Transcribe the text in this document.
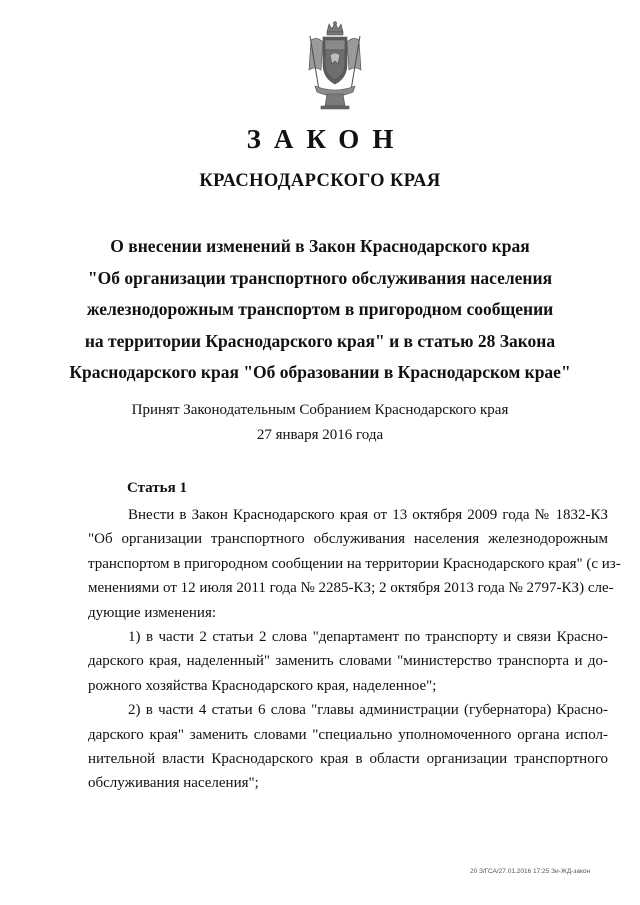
ЗАКОН
КРАСНОДАРСКОГО КРАЯ
О внесении изменений в Закон Краснодарского края
"Об организации транспортного обслуживания населения
железнодорожным транспортом в пригородном сообщении
на территории Краснодарского края" и в статью 28 Закона
Краснодарского края "Об образовании в Краснодарском крае"
Принят Законодательным Собранием Краснодарского края
27 января 2016 года
Статья 1
Внести в Закон Краснодарского края от 13 октября 2009 года № 1832-КЗ
"Об организации транспортного обслуживания населения железнодорожным
транспортом в пригородном сообщении на территории Краснодарского края" (с из-
менениями от 12 июля 2011 года № 2285-КЗ; 2 октября 2013 года № 2797-КЗ) сле-
дующие изменения:
1) в части 2 статьи 2 слова "департамент по транспорту и связи Красно-
дарского края, наделенный" заменить словами "министерство транспорта и до-
рожного хозяйства Краснодарского края, наделенное";
2) в части 4 статьи 6 слова "главы администрации (губернатора) Красно-
дарского края" заменить словами "специально уполномоченного органа испол-
нительной власти Краснодарского края в области организации транспортного
обслуживания населения";
20 З/ГСА/27.01.2016 17:25 Зи-ЖД-закон
